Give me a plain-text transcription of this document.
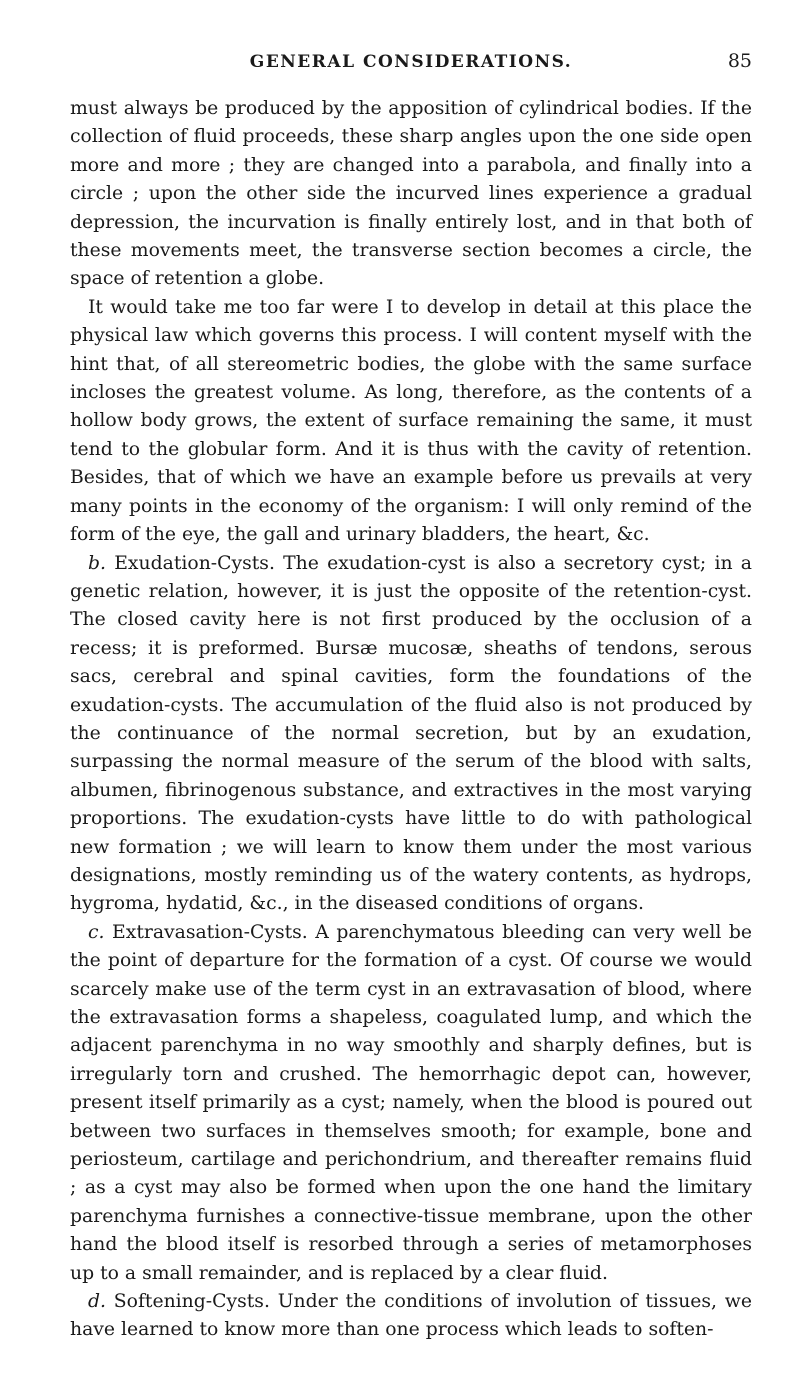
GENERAL CONSIDERATIONS.	85

must always be produced by the apposition of cylindrical bodies. If the collection of fluid proceeds, these sharp angles upon the one side open more and more ; they are changed into a parabola, and finally into a circle ; upon the other side the incurved lines experience a gradual depression, the incurvation is finally entirely lost, and in that both of these movements meet, the transverse section becomes a circle, the space of retention a globe.

It would take me too far were I to develop in detail at this place the physical law which governs this process. I will content myself with the hint that, of all stereometric bodies, the globe with the same surface incloses the greatest volume. As long, therefore, as the contents of a hollow body grows, the extent of surface remaining the same, it must tend to the globular form. And it is thus with the cavity of retention. Besides, that of which we have an example before us prevails at very many points in the economy of the organism: I will only remind of the form of the eye, the gall and urinary bladders, the heart, &c.

b. Exudation-Cysts. The exudation-cyst is also a secretory cyst; in a genetic relation, however, it is just the opposite of the retention-cyst. The closed cavity here is not first produced by the occlusion of a recess; it is preformed. Bursæ mucosæ, sheaths of tendons, serous sacs, cerebral and spinal cavities, form the foundations of the exudation-cysts. The accumulation of the fluid also is not produced by the continuance of the normal secretion, but by an exudation, surpassing the normal measure of the serum of the blood with salts, albumen, fibrinogenous substance, and extractives in the most varying proportions. The exudation-cysts have little to do with pathological new formation ; we will learn to know them under the most various designations, mostly reminding us of the watery contents, as hydrops, hygroma, hydatid, &c., in the diseased conditions of organs.

c. Extravasation-Cysts. A parenchymatous bleeding can very well be the point of departure for the formation of a cyst. Of course we would scarcely make use of the term cyst in an extravasation of blood, where the extravasation forms a shapeless, coagulated lump, and which the adjacent parenchyma in no way smoothly and sharply defines, but is irregularly torn and crushed. The hemorrhagic depot can, however, present itself primarily as a cyst; namely, when the blood is poured out between two surfaces in themselves smooth; for example, bone and periosteum, cartilage and perichondrium, and thereafter remains fluid ; as a cyst may also be formed when upon the one hand the limitary parenchyma furnishes a connective-tissue membrane, upon the other hand the blood itself is resorbed through a series of metamorphoses up to a small remainder, and is replaced by a clear fluid.

d. Softening-Cysts. Under the conditions of involution of tissues, we have learned to know more than one process which leads to soften-
